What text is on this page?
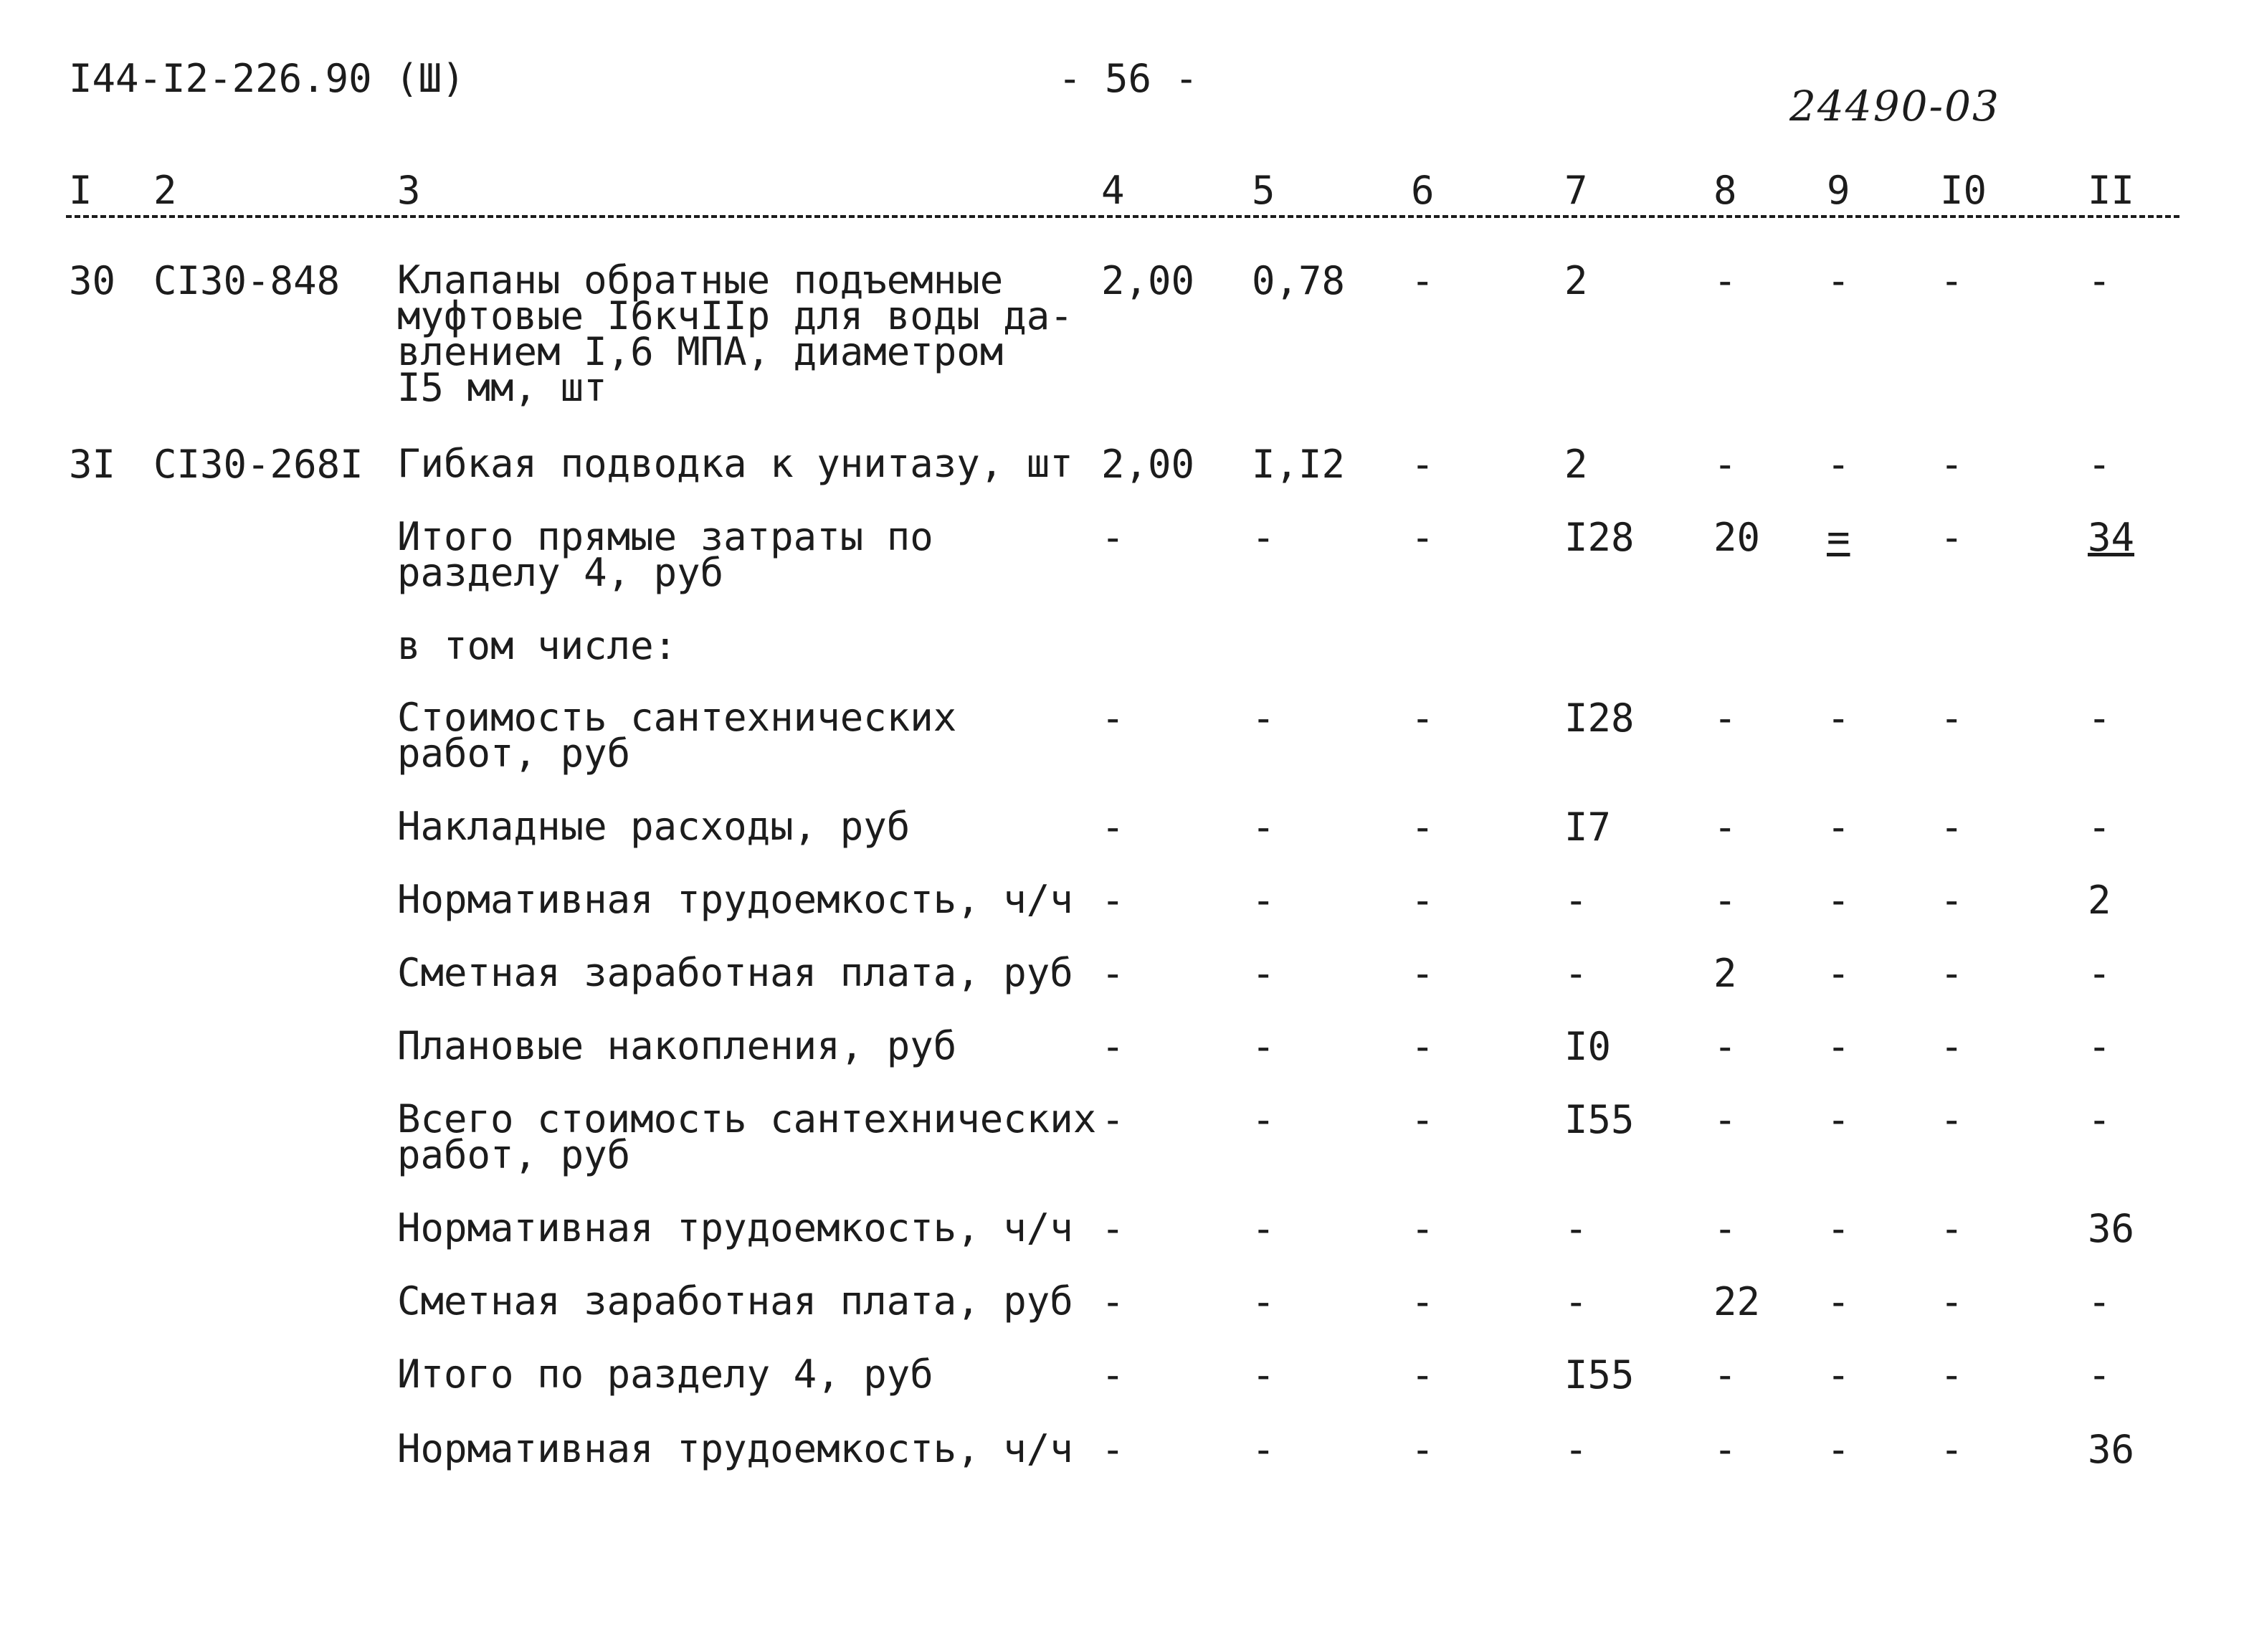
I44-I2-226.90 (Ш)	- 56 -
24490-03
I 2	3	4	5	6	7	8 9 I0	II
30 СI30-848 Клапаны обратные подъемные
муфтовые I6кчIIр для воды да-
влением I,6 МПА, диаметром
I5 мм, шт
2,00 0,78 -	2	- - -	-
3I СI30-268I Гибкая подводка к унитазу, шт 2,00 I,I2 -	2	- - -	-
Итого прямые затраты по
разделу 4, руб
-	-	-	I28 20 = -	34
в том числе:
Стоимость сантехнических
работ, руб
-	-	-	I28 - - -	-
Накладные расходы, руб	-	-	-	I7	- - -	-
Нормативная трудоемкость, ч/ч -	-	-	-	- - -	2
Сметная заработная плата, руб -	-	-	-	2 - -	-
Плановые накопления, руб	-	-	-	I0	- - -	-
Всего стоимость сантехнических
работ, руб
-	-	-	I55 - - -	-
Нормативная трудоемкость, ч/ч -	-	-	-	- - -	36
Сметная заработная плата, руб -	-	-	-	22 - -	-
Итого по разделу 4, руб	-	-	-	I55 - - -	-
Нормативная трудоемкость, ч/ч -	-	-	-	- - -	36
